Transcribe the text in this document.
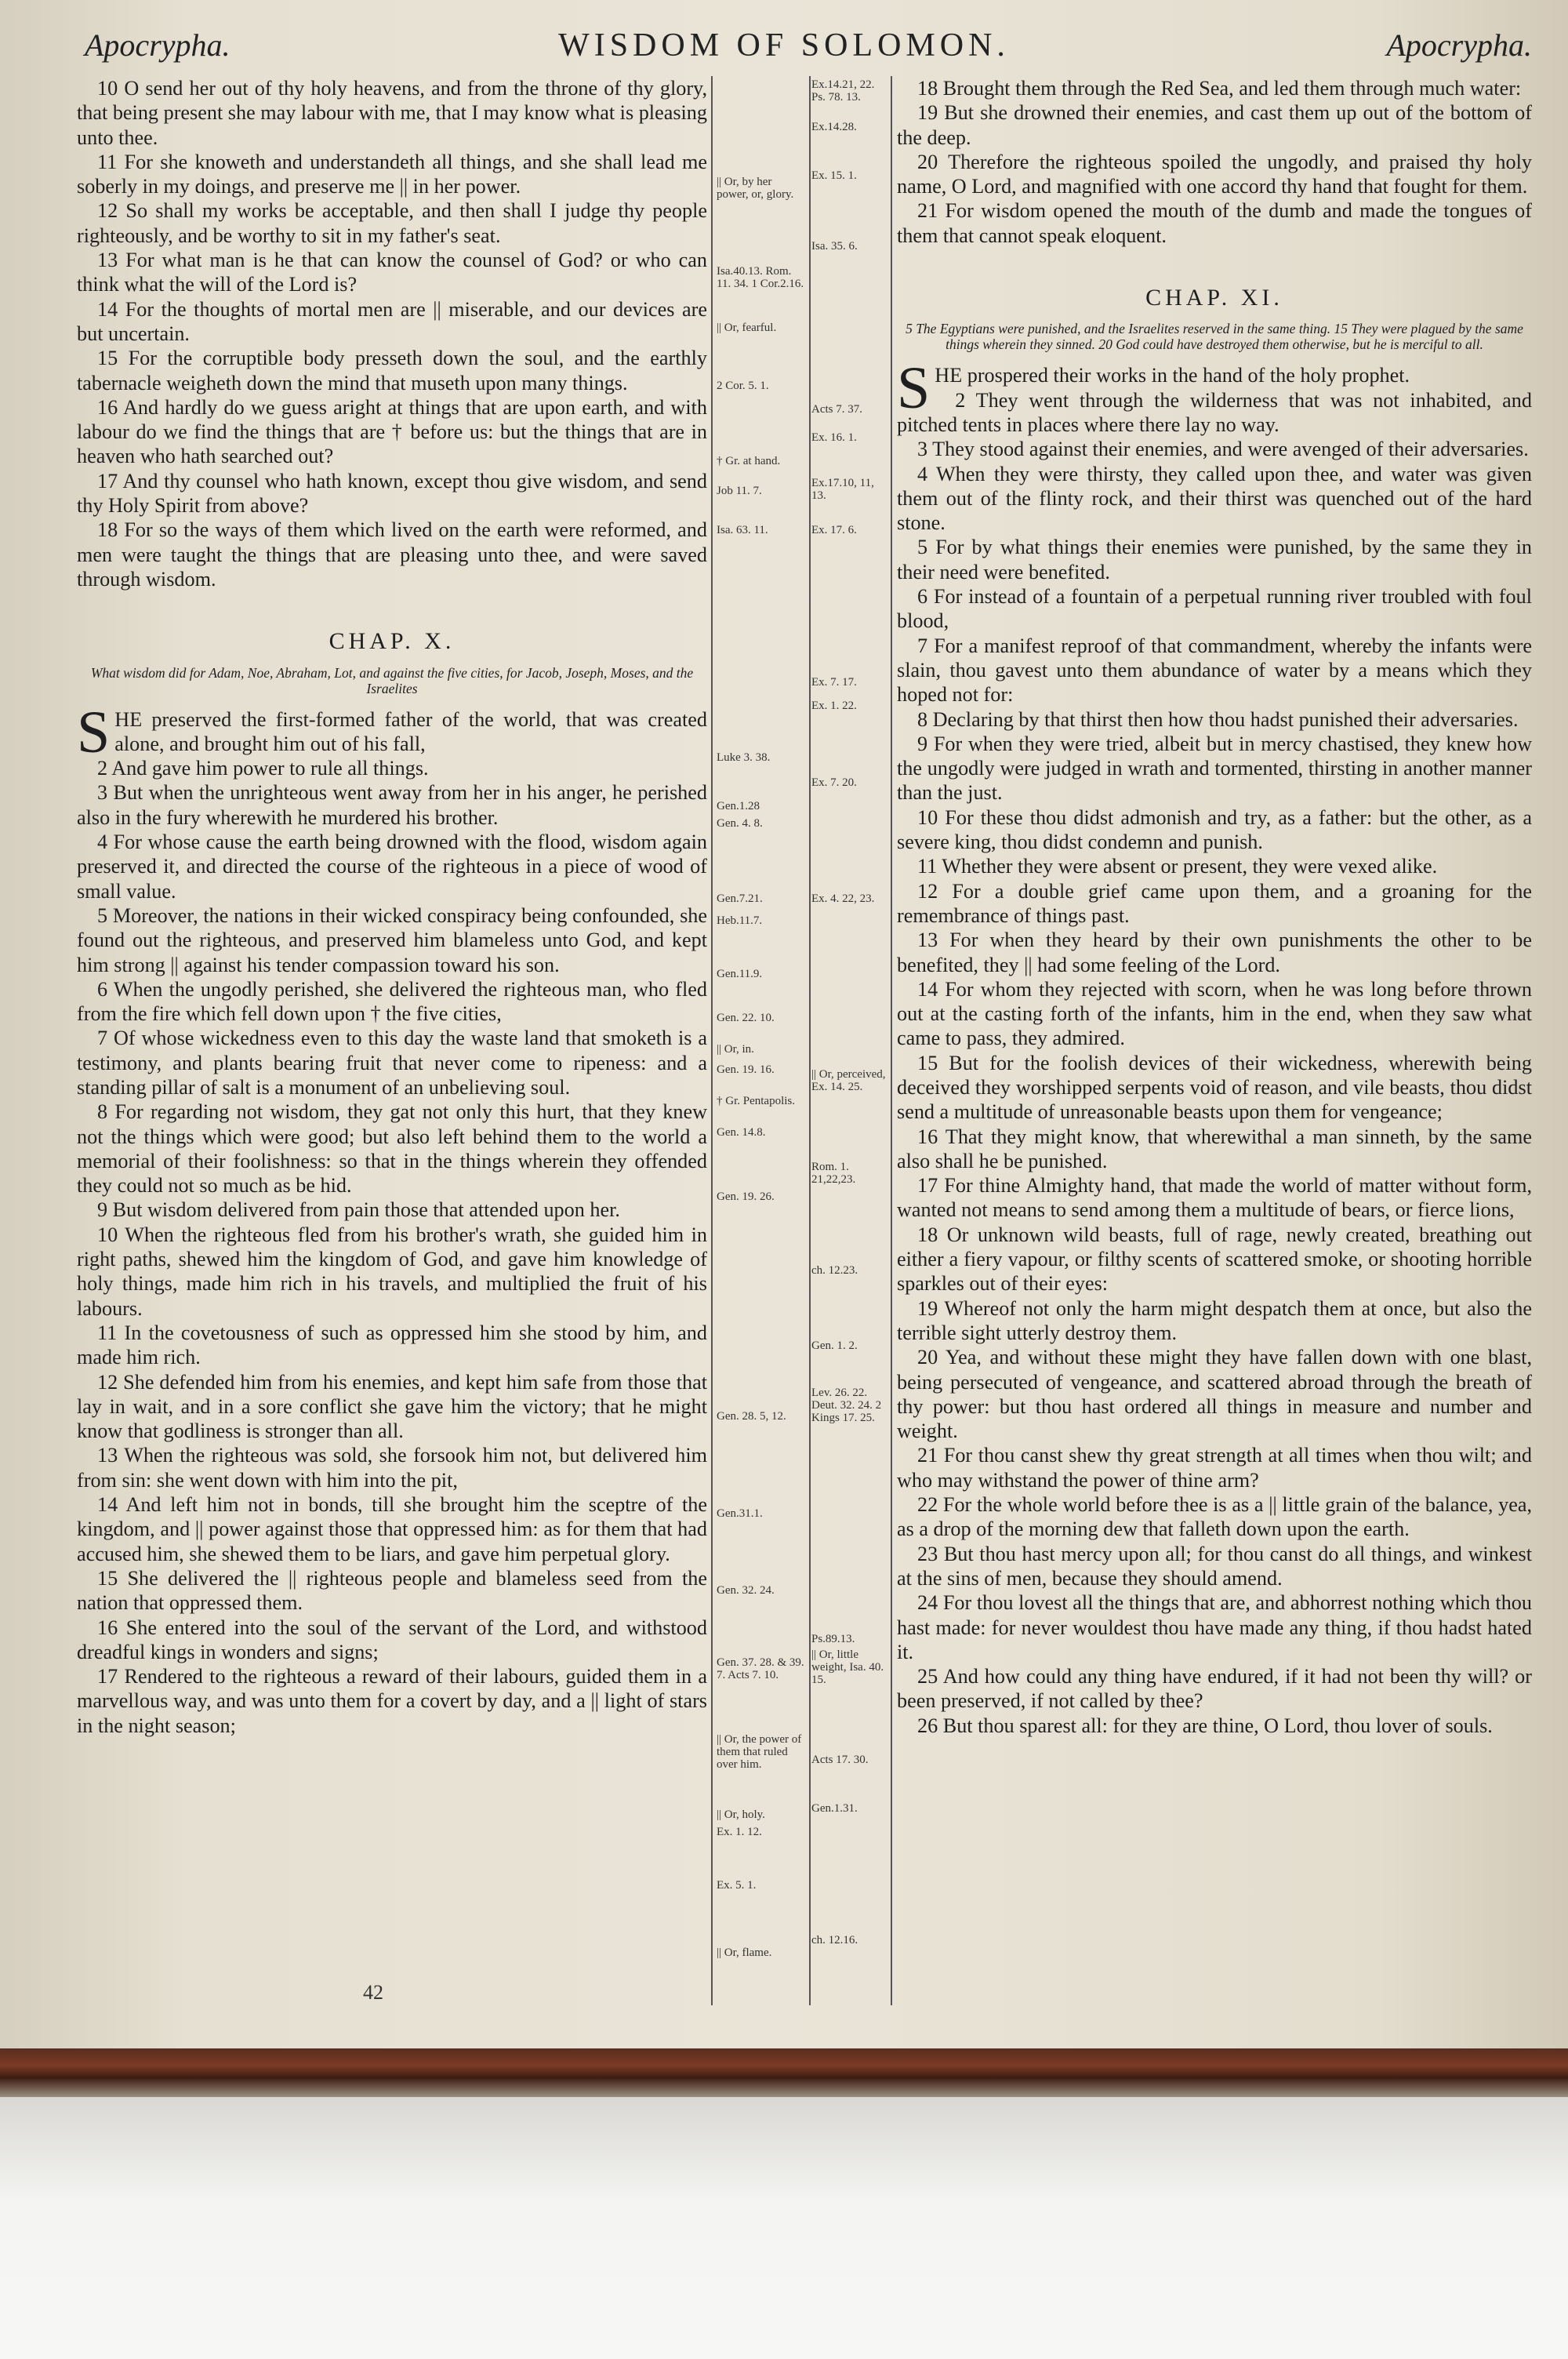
WISDOM OF SOLOMON.
Apocrypha.	Apocrypha.

10 O send her out of thy holy heavens, and from the throne of thy glory, that being present she may labour with me, that I may know what is pleasing unto thee.

11 For she knoweth and understandeth all things, and she shall lead me soberly in my doings, and preserve me || in her power.

12 So shall my works be acceptable, and then shall I judge thy people righteously, and be worthy to sit in my father's seat.

13 For what man is he that can know the counsel of God? or who can think what the will of the Lord is?

14 For the thoughts of mortal men are || miserable, and our devices are but uncertain.

15 For the corruptible body presseth down the soul, and the earthly tabernacle weigheth down the mind that museth upon many things.

16 And hardly do we guess aright at things that are upon earth, and with labour do we find the things that are † before us: but the things that are in heaven who hath searched out?

17 And thy counsel who hath known, except thou give wisdom, and send thy Holy Spirit from above?

18 For so the ways of them which lived on the earth were reformed, and men were taught the things that are pleasing unto thee, and were saved through wisdom.

CHAP. X.
What wisdom did for Adam, Noe, Abraham, Lot, and against the five cities, for Jacob, Joseph, Moses, and the Israelites

SHE preserved the first-formed father of the world, that was created alone, and brought him out of his fall,

2 And gave him power to rule all things.

3 But when the unrighteous went away from her in his anger, he perished also in the fury wherewith he murdered his brother.

4 For whose cause the earth being drowned with the flood, wisdom again preserved it, and directed the course of the righteous in a piece of wood of small value.

5 Moreover, the nations in their wicked conspiracy being confounded, she found out the righteous, and preserved him blameless unto God, and kept him strong || against his tender compassion toward his son.

6 When the ungodly perished, she delivered the righteous man, who fled from the fire which fell down upon † the five cities,

7 Of whose wickedness even to this day the waste land that smoketh is a testimony, and plants bearing fruit that never come to ripeness: and a standing pillar of salt is a monument of an unbelieving soul.

8 For regarding not wisdom, they gat not only this hurt, that they knew not the things which were good; but also left behind them to the world a memorial of their foolishness: so that in the things wherein they offended they could not so much as be hid.

9 But wisdom delivered from pain those that attended upon her.

10 When the righteous fled from his brother's wrath, she guided him in right paths, shewed him the kingdom of God, and gave him knowledge of holy things, made him rich in his travels, and multiplied the fruit of his labours.

11 In the covetousness of such as oppressed him she stood by him, and made him rich.

12 She defended him from his enemies, and kept him safe from those that lay in wait, and in a sore conflict she gave him the victory; that he might know that godliness is stronger than all.

13 When the righteous was sold, she forsook him not, but delivered him from sin: she went down with him into the pit,

14 And left him not in bonds, till she brought him the sceptre of the kingdom, and || power against those that oppressed him: as for them that had accused him, she shewed them to be liars, and gave him perpetual glory.

15 She delivered the || righteous people and blameless seed from the nation that oppressed them.

16 She entered into the soul of the servant of the Lord, and withstood dreadful kings in wonders and signs;

17 Rendered to the righteous a reward of their labours, guided them in a marvellous way, and was unto them for a covert by day, and a || light of stars in the night season;

18 Brought them through the Red Sea, and led them through much water:

19 But she drowned their enemies, and cast them up out of the bottom of the deep.

20 Therefore the righteous spoiled the ungodly, and praised thy holy name, O Lord, and magnified with one accord thy hand that fought for them.

21 For wisdom opened the mouth of the dumb and made the tongues of them that cannot speak eloquent.

CHAP. XI.
5 The Egyptians were punished, and the Israelites reserved in the same thing. 15 They were plagued by the same things wherein they sinned. 20 God could have destroyed them otherwise, but he is merciful to all.

SHE prospered their works in the hand of the holy prophet.

2 They went through the wilderness that was not inhabited, and pitched tents in places where there lay no way.

3 They stood against their enemies, and were avenged of their adversaries.

4 When they were thirsty, they called upon thee, and water was given them out of the flinty rock, and their thirst was quenched out of the hard stone.

5 For by what things their enemies were punished, by the same they in their need were benefited.

6 For instead of a fountain of a perpetual running river troubled with foul blood,

7 For a manifest reproof of that commandment, whereby the infants were slain, thou gavest unto them abundance of water by a means which they hoped not for:

8 Declaring by that thirst then how thou hadst punished their adversaries.

9 For when they were tried, albeit but in mercy chastised, they knew how the ungodly were judged in wrath and tormented, thirsting in another manner than the just.

10 For these thou didst admonish and try, as a father: but the other, as a severe king, thou didst condemn and punish.

11 Whether they were absent or present, they were vexed alike.

12 For a double grief came upon them, and a groaning for the remembrance of things past.

13 For when they heard by their own punishments the other to be benefited, they || had some feeling of the Lord.

14 For whom they rejected with scorn, when he was long before thrown out at the casting forth of the infants, him in the end, when they saw what came to pass, they admired.

15 But for the foolish devices of their wickedness, wherewith being deceived they worshipped serpents void of reason, and vile beasts, thou didst send a multitude of unreasonable beasts upon them for vengeance;

16 That they might know, that wherewithal a man sinneth, by the same also shall he be punished.

17 For thine Almighty hand, that made the world of matter without form, wanted not means to send among them a multitude of bears, or fierce lions,

18 Or unknown wild beasts, full of rage, newly created, breathing out either a fiery vapour, or filthy scents of scattered smoke, or shooting horrible sparkles out of their eyes:

19 Whereof not only the harm might despatch them at once, but also the terrible sight utterly destroy them.

20 Yea, and without these might they have fallen down with one blast, being persecuted of vengeance, and scattered abroad through the breath of thy power: but thou hast ordered all things in measure and number and weight.

21 For thou canst shew thy great strength at all times when thou wilt; and who may withstand the power of thine arm?

22 For the whole world before thee is as a || little grain of the balance, yea, as a drop of the morning dew that falleth down upon the earth.

23 But thou hast mercy upon all; for thou canst do all things, and winkest at the sins of men, because they should amend.

24 For thou lovest all the things that are, and abhorrest nothing which thou hast made: for never wouldest thou have made any thing, if thou hadst hated it.

25 And how could any thing have endured, if it had not been thy will? or been preserved, if not called by thee?

26 But thou sparest all: for they are thine, O Lord, thou lover of souls.

|| Or, by her power, or, glory.
Isa.40.13. Rom. 11. 34. 1 Cor.2.16.
|| Or, fearful.
2 Cor. 5. 1.
† Gr. at hand.
Job 11. 7.
Isa. 63. 11.
Luke 3. 38.
Gen.1.28
Gen. 4. 8.
Gen.7.21.
Heb.11.7.
Gen.11.9.
Gen. 22. 10.
|| Or, in.
Gen. 19. 16.
† Gr. Pentapolis.
Gen. 14.8.
Gen. 19. 26.
Gen. 28. 5, 12.
Gen.31.1.
Gen. 32. 24.
Gen. 37. 28. & 39. 7. Acts 7. 10.
|| Or, the power of them that ruled over him.
|| Or, holy.
Ex. 1. 12.
Ex. 5. 1.
|| Or, flame.
Ex.14.21, 22. Ps. 78. 13.
Ex.14.28.
Ex. 15. 1.
Isa. 35. 6.
Acts 7. 37.
Ex. 16. 1.
Ex.17.10, 11, 13.
Ex. 17. 6.
Ex. 7. 17.
Ex. 1. 22.
Ex. 7. 20.
Ex. 4. 22, 23.
|| Or, perceived, Ex. 14. 25.
Rom. 1. 21,22,23.
ch. 12.23.
Gen. 1. 2.
Lev. 26. 22. Deut. 32. 24. 2 Kings 17. 25.
Ps.89.13.
|| Or, little weight, Isa. 40. 15.
Acts 17. 30.
Gen.1.31.
ch. 12.16.
42
